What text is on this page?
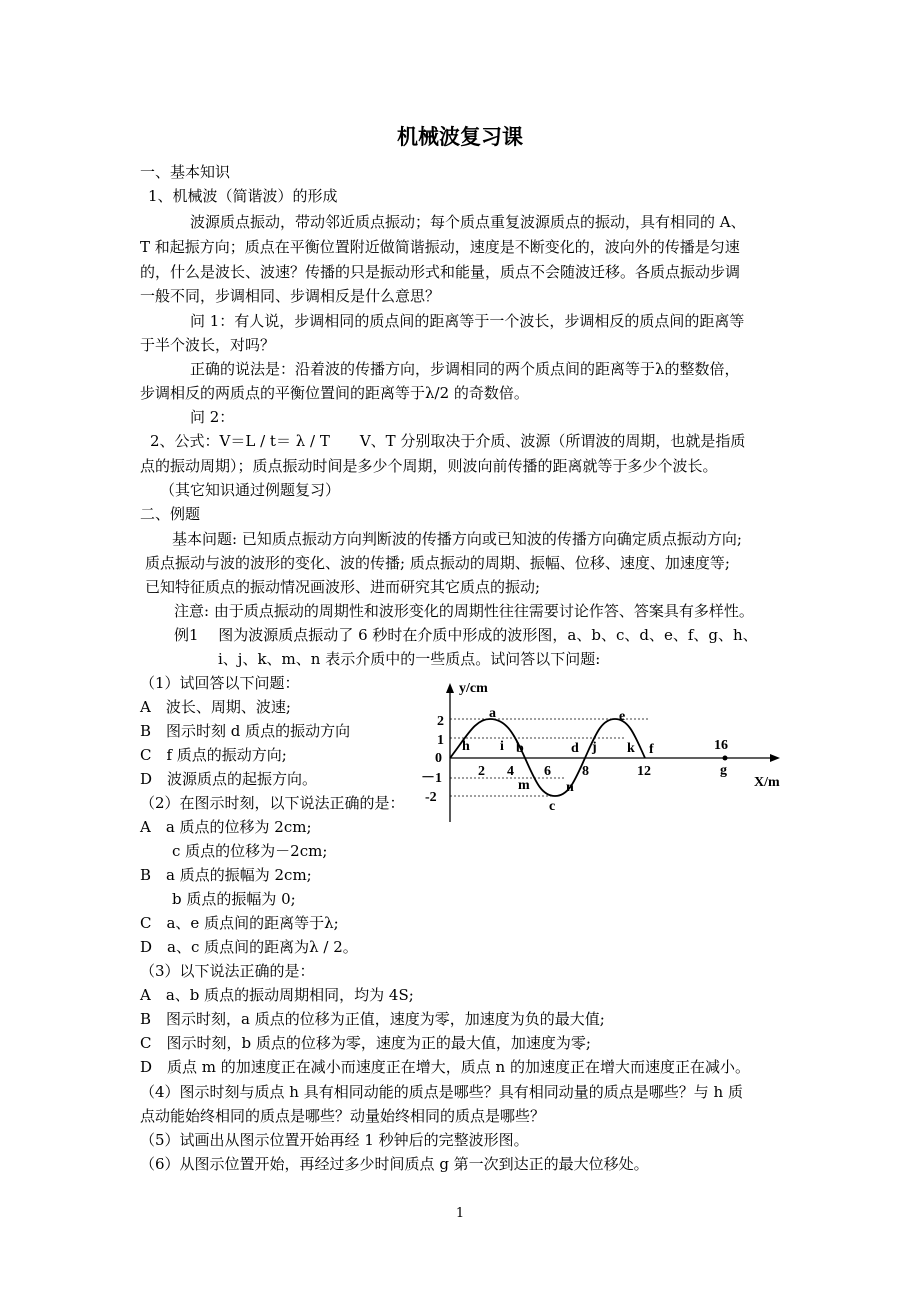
机械波复习课
一、基本知识
1、机械波（简谐波）的形成
波源质点振动，带动邻近质点振动；每个质点重复波源质点的振动，具有相同的 A、
T 和起振方向；质点在平衡位置附近做简谐振动，速度是不断变化的，波向外的传播是匀速
的，什么是波长、波速？传播的只是振动形式和能量，质点不会随波迁移。各质点振动步调
一般不同，步调相同、步调相反是什么意思？
问 1：有人说，步调相同的质点间的距离等于一个波长，步调相反的质点间的距离等
于半个波长，对吗？
正确的说法是：沿着波的传播方向，步调相同的两个质点间的距离等于λ的整数倍，
步调相反的两质点的平衡位置间的距离等于λ/2 的奇数倍。
问 2：
2、公式：V＝L / t＝ λ / T　　V、T 分别取决于介质、波源（所谓波的周期，也就是指质
点的振动周期）；质点振动时间是多少个周期，则波向前传播的距离就等于多少个波长。
（其它知识通过例题复习）
二、例题
基本问题: 已知质点振动方向判断波的传播方向或已知波的传播方向确定质点振动方向;
质点振动与波的波形的变化、波的传播; 质点振动的周期、振幅、位移、速度、加速度等;
已知特征质点的振动情况画波形、进而研究其它质点的振动;
注意: 由于质点振动的周期性和波形变化的周期性往往需要讨论作答、答案具有多样性。
例1　 图为波源质点振动了 6 秒时在介质中形成的波形图，a、b、c、d、e、f、g、h、
i、j、k、m、n 表示介质中的一些质点。试问答以下问题:
（1）试回答以下问题：
A　波长、周期、波速;
B　图示时刻 d 质点的振动方向
C　f 质点的振动方向;
D　波源质点的起振方向。
（2）在图示时刻，以下说法正确的是：
A　a 质点的位移为 2cm;
c 质点的位移为－2cm;
B　a 质点的振幅为 2cm;
b 质点的振幅为 0;
C　a、e 质点间的距离等于λ;
D　a、c 质点间的距离为λ / 2。
（3）以下说法正确的是：
A　a、b 质点的振动周期相同，均为 4S;
B　图示时刻，a 质点的位移为正值，速度为零，加速度为负的最大值;
C　图示时刻，b 质点的位移为零，速度为正的最大值，加速度为零;
D　质点 m 的加速度正在减小而速度正在增大，质点 n 的加速度正在增大而速度正在减小。
（4）图示时刻与质点 h 具有相同动能的质点是哪些？具有相同动量的质点是哪些？与 h 质
点动能始终相同的质点是哪些？动量始终相同的质点是哪些？
（5）试画出从图示位置开始再经 1 秒钟后的完整波形图。
（6）从图示位置开始，再经过多少时间质点 g 第一次到达正的最大位移处。
y/cm
X/m
2
1
0
－1
-2
2 4 6 8	12
16
a
h i b
m
c
n
d j
e
k f
g
1
